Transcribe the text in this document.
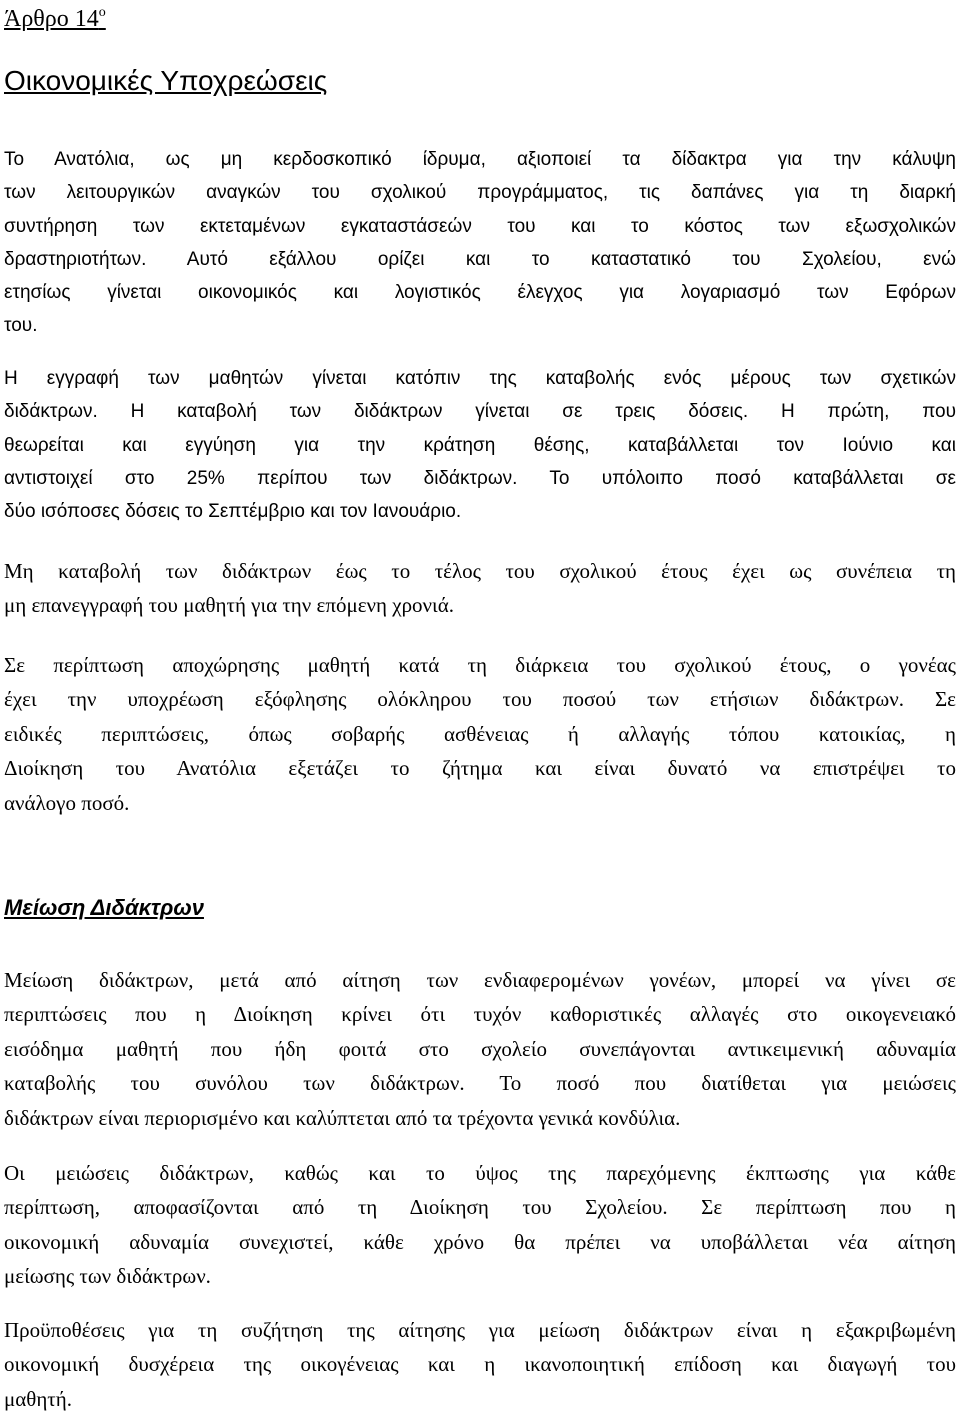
Άρθρο $14^o$
Οικονομικές Υποχρεώσεις
Το Ανατόλια, ως μη κερδοσκοπικό ίδρυμα, αξιοποιεί τα δίδακτρα για την κάλυψη
των λειτουργικών αναγκών του σχολικού προγράμματος, τις δαπάνες για τη διαρκή
συντήρηση των εκτεταμένων εγκαταστάσεών του και το κόστος των εξωσχολικών
δραστηριοτήτων. Αυτό εξάλλου ορίζει και το καταστατικό του Σχολείου, ενώ
ετησίως γίνεται οικονομικός και λογιστικός έλεγχος για λογαριασμό των Εφόρων
του.
Η εγγραφή των μαθητών γίνεται κατόπιν της καταβολής ενός μέρους των σχετικών
διδάκτρων. Η καταβολή των διδάκτρων γίνεται σε τρεις δόσεις. Η πρώτη, που
θεωρείται και εγγύηση για την κράτηση θέσης, καταβάλλεται τον Ιούνιο και
αντιστοιχεί στο 25% περίπου των διδάκτρων. Το υπόλοιπο ποσό καταβάλλεται σε
δύο ισόποσες δόσεις το Σεπτέμβριο και τον Ιανουάριο.
Μη καταβολή των διδάκτρων έως το τέλος του σχολικού έτους έχει ως συνέπεια τη
μη επανεγγραφή του μαθητή για την επόμενη χρονιά.
Σε περίπτωση αποχώρησης μαθητή κατά τη διάρκεια του σχολικού έτους, ο γονέας
έχει την υποχρέωση εξόφλησης ολόκληρου του ποσού των ετήσιων διδάκτρων. Σε
ειδικές περιπτώσεις, όπως σοβαρής ασθένειας ή αλλαγής τόπου κατοικίας, η
Διοίκηση του Ανατόλια εξετάζει το ζήτημα και είναι δυνατό να επιστρέψει το
ανάλογο ποσό.
Μείωση Διδάκτρων
Μείωση διδάκτρων, μετά από αίτηση των ενδιαφερομένων γονέων, μπορεί να γίνει σε
περιπτώσεις που η Διοίκηση κρίνει ότι τυχόν καθοριστικές αλλαγές στο οικογενειακό
εισόδημα μαθητή που ήδη φοιτά στο σχολείο συνεπάγονται αντικειμενική αδυναμία
καταβολής του συνόλου των διδάκτρων. Το ποσό που διατίθεται για μειώσεις
διδάκτρων είναι περιορισμένο και καλύπτεται από τα τρέχοντα γενικά κονδύλια.
Οι μειώσεις διδάκτρων, καθώς και το ύψος της παρεχόμενης έκπτωσης για κάθε
περίπτωση, αποφασίζονται από τη Διοίκηση του Σχολείου. Σε περίπτωση που η
οικονομική αδυναμία συνεχιστεί, κάθε χρόνο θα πρέπει να υποβάλλεται νέα αίτηση
μείωσης των διδάκτρων.
Προϋποθέσεις για τη συζήτηση της αίτησης για μείωση διδάκτρων είναι η εξακριβωμένη
οικονομική δυσχέρεια της οικογένειας και η ικανοποιητική επίδοση και διαγωγή του
μαθητή.
